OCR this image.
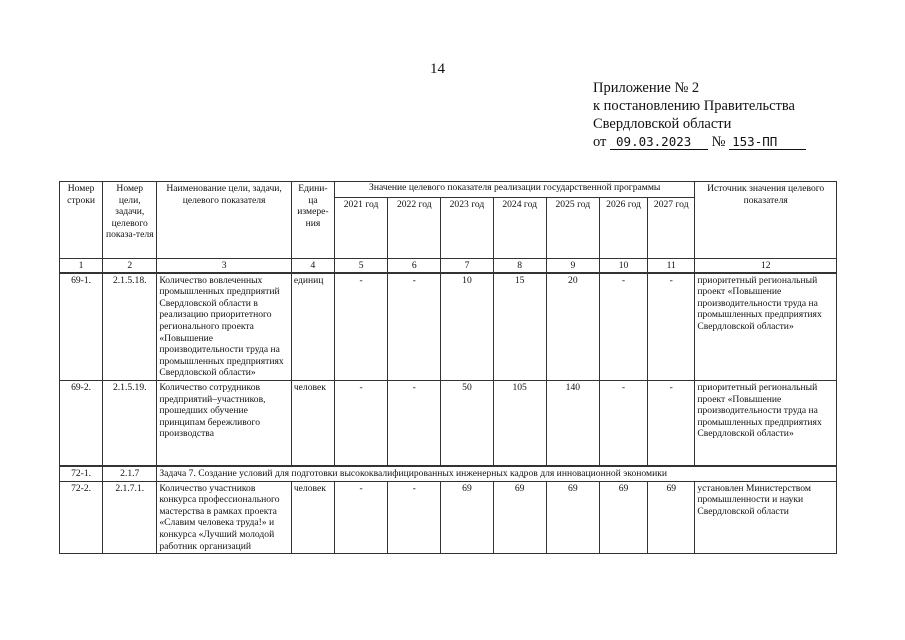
14
Приложение № 2
к постановлению Правительства
Свердловской области
от 09.03.2023 № 153-ПП
Номер строки	Номер цели, задачи, целевого показа-теля	Наименование цели, задачи, целевого показателя	Едини-ца измере-ния	Значение целевого показателя реализации государственной программы							Источник значения целевого показателя
				2021 год	2022 год	2023 год	2024 год	2025 год	2026 год	2027 год	
1	2	3	4	5	6	7	8	9	10	11	12
69-1.	2.1.5.18.	Количество вовлеченных промышленных предприятий Свердловской области в реализацию приоритетного регионального проекта «Повышение производительности труда на промышленных предприятиях Свердловской области»	единиц	-	-	10	15	20	-	-	приоритетный региональный проект «Повышение производительности труда на промышленных предприятиях Свердловской области»
69-2.	2.1.5.19.	Количество сотрудников предприятий–участников, прошедших обучение принципам бережливого производства	человек	-	-	50	105	140	-	-	приоритетный региональный проект «Повышение производительности труда на промышленных предприятиях Свердловской области»
72-1.	2.1.7	Задача 7. Создание условий для подготовки высококвалифицированных инженерных кадров для инновационной экономики									
72-2.	2.1.7.1.	Количество участников конкурса профессионального мастерства в рамках проекта «Славим человека труда!» и конкурса «Лучший молодой работник организаций	человек	-	-	69	69	69	69	69	установлен Министерством промышленности и науки Свердловской области
